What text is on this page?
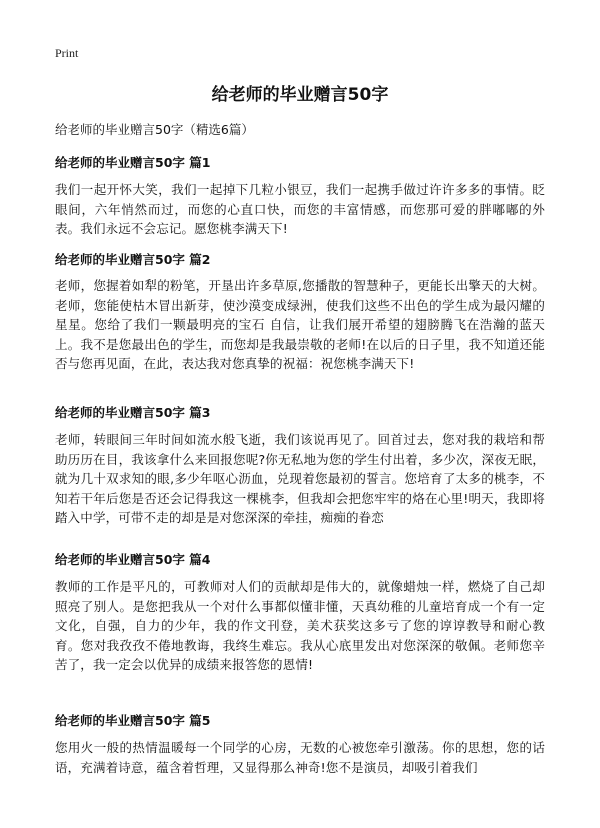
Print
给老师的毕业赠言50字

给老师的毕业赠言50字（精选6篇）

给老师的毕业赠言50字 篇1

我们一起开怀大笑，我们一起掉下几粒小银豆，我们一起携手做过许许多多的事情。眨眼间，六年悄然而过，而您的心直口快，而您的丰富情感，而您那可爱的胖嘟嘟的外表。我们永远不会忘记。愿您桃李满天下!

给老师的毕业赠言50字 篇2

老师，您握着如犁的粉笔，开垦出许多草原,您播散的智慧种子，更能长出擎天的大树。老师，您能使枯木冒出新芽，使沙漠变成绿洲，使我们这些不出色的学生成为最闪耀的星星。您给了我们一颗最明亮的宝石 自信，让我们展开希望的翅膀腾飞在浩瀚的蓝天上。我不是您最出色的学生，而您却是我最崇敬的老师!在以后的日子里，我不知道还能否与您再见面，在此，表达我对您真挚的祝福：祝您桃李满天下!

给老师的毕业赠言50字 篇3

老师，转眼间三年时间如流水般飞逝，我们该说再见了。回首过去，您对我的栽培和帮助历历在目，我该拿什么来回报您呢?你无私地为您的学生付出着，多少次，深夜无眠，就为几十双求知的眼,多少年呕心沥血，兑现着您最初的誓言。您培育了太多的桃李，不知若干年后您是否还会记得我这一棵桃李，但我却会把您牢牢的烙在心里!明天，我即将踏入中学，可带不走的却是是对您深深的牵挂，痴痴的眷恋

给老师的毕业赠言50字 篇4

教师的工作是平凡的，可教师对人们的贡献却是伟大的，就像蜡烛一样，燃烧了自己却照亮了别人。是您把我从一个对什么事都似懂非懂，天真幼稚的儿童培育成一个有一定文化，自强，自力的少年，我的作文刊登，美术获奖这多亏了您的谆谆教导和耐心教育。您对我孜孜不倦地教诲，我终生难忘。我从心底里发出对您深深的敬佩。老师您辛苦了，我一定会以优异的成绩来报答您的恩情!

给老师的毕业赠言50字 篇5

您用火一般的热情温暖每一个同学的心房，无数的心被您牵引激荡。你的思想，您的话语，充满着诗意，蕴含着哲理，又显得那么神奇!您不是演员，却吸引着我们
